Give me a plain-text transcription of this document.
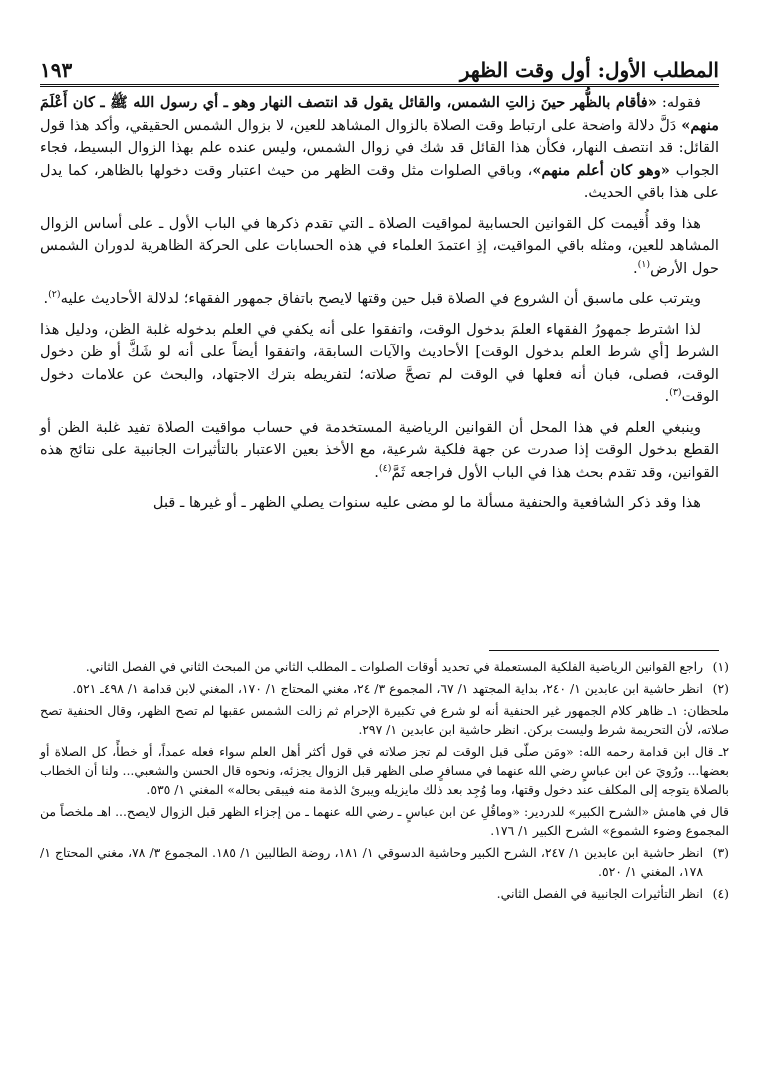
المطلب الأول: أول وقت الظهر
١٩٣

فقوله: «فأقام بالظُّهر حينَ زالتِ الشمس، والقائل يقول قد انتصف النهار وهو ـ أي رسول الله ﷺ ـ كان أَعْلَمَ منهم» دَلَّ دلالة واضحة على ارتباط وقت الصلاة بالزوال المشاهد للعين، لا بزوال الشمس الحقيقي، وأكد هذا قول القائل: قد انتصف النهار، فكأن هذا القائل قد شك في زوال الشمس، وليس عنده علم بهذا الزوال البسيط، فجاء الجواب «وهو كان أعلم منهم»، وباقي الصلوات مثل وقت الظهر من حيث اعتبار وقت دخولها بالظاهر، كما يدل على هذا باقي الحديث.

هذا وقد أُقيمت كل القوانين الحسابية لمواقيت الصلاة ـ التي تقدم ذكرها في الباب الأول ـ على أساس الزوال المشاهد للعين، ومثله باقي المواقيت، إذِ اعتمدَ العلماء في هذه الحسابات على الحركة الظاهرية لدوران الشمس حول الأرض$^{(١)}$.

ويترتب على ماسبق أن الشروع في الصلاة قبل حين وقتها لايصح باتفاق جمهور الفقهاء؛ لدلالة الأحاديث عليه$^{(٢)}$.

لذا اشترط جمهورُ الفقهاء العلمَ بدخول الوقت، واتفقوا على أنه يكفي في العلم بدخوله غلبة الظن، ودليل هذا الشرط [أي شرط العلم بدخول الوقت] الأحاديث والآيات السابقة، واتفقوا أيضاً على أنه لو شَكَّ أو ظن دخول الوقت، فصلى، فبان أنه فعلها في الوقت لم تصحَّ صلاته؛ لتفريطه بترك الاجتهاد، والبحث عن علامات دخول الوقت$^{(٣)}$.

وينبغي العلم في هذا المحل أن القوانين الرياضية المستخدمة في حساب مواقيت الصلاة تفيد غلبة الظن أو القطع بدخول الوقت إذا صدرت عن جهة فلكية شرعية، مع الأخذ بعين الاعتبار بالتأثيرات الجانبية على نتائج هذه القوانين، وقد تقدم بحث هذا في الباب الأول فراجعه ثَمَّ$^{(٤)}$.

هذا وقد ذكر الشافعية والحنفية مسألة ما لو مضى عليه سنوات يصلي الظهر ـ أو غيرها ـ قبل

(١)
راجع القوانين الرياضية الفلكية المستعملة في تحديد أوقات الصلوات ـ المطلب الثاني من المبحث الثاني في الفصل الثاني.
(٢)
انظر حاشية ابن عابدين ١/ ٢٤٠، بداية المجتهد ١/ ٦٧، المجموع ٣/ ٢٤، مغني المحتاج ١/ ١٧٠، المغني لابن قدامة ١/ ٤٩٨ـ ٥٢١.

ملحظان: ١ـ ظاهر كلام الجمهور غير الحنفية أنه لو شرع في تكبيرة الإحرام ثم زالت الشمس عقبها لم تصح الظهر، وقال الحنفية تصح صلاته، لأن التحريمة شرط وليست بركن. انظر حاشية ابن عابدين ١/ ٢٩٧.

٢ـ قال ابن قدامة رحمه الله: «ومَن صلّى قبل الوقت لم تجز صلاته في قول أكثر أهل العلم سواء فعله عمداً، أو خطأً، كل الصلاة أو بعضها... ورُويَ عن ابن عباسٍ رضي الله عنهما في مسافرٍ صلى الظهر قبل الزوال يجزئه، ونحوه قال الحسن والشعبي... ولنا أن الخطاب بالصلاة يتوجه إلى المكلف عند دخول وقتها، وما وُجِد بعد ذلك مايزيله ويبرئ الذمة منه فيبقى بحاله» المغني ١/ ٥٣٥.

قال في هامش «الشرح الكبير» للدردير: «وماقُلِ عن ابن عباسٍ ـ رضي الله عنهما ـ من إجزاء الظهر قبل الزوال لايصح... اهـ ملخصاً من المجموع وضوء الشموع» الشرح الكبير ١/ ١٧٦.

(٣)
انظر حاشية ابن عابدين ١/ ٢٤٧، الشرح الكبير وحاشية الدسوقي ١/ ١٨١، روضة الطالبين ١/ ١٨٥. المجموع ٣/ ٧٨، مغني المحتاج ١/ ١٧٨، المغني ١/ ٥٢٠.
(٤)
انظر التأثيرات الجانبية في الفصل الثاني.
